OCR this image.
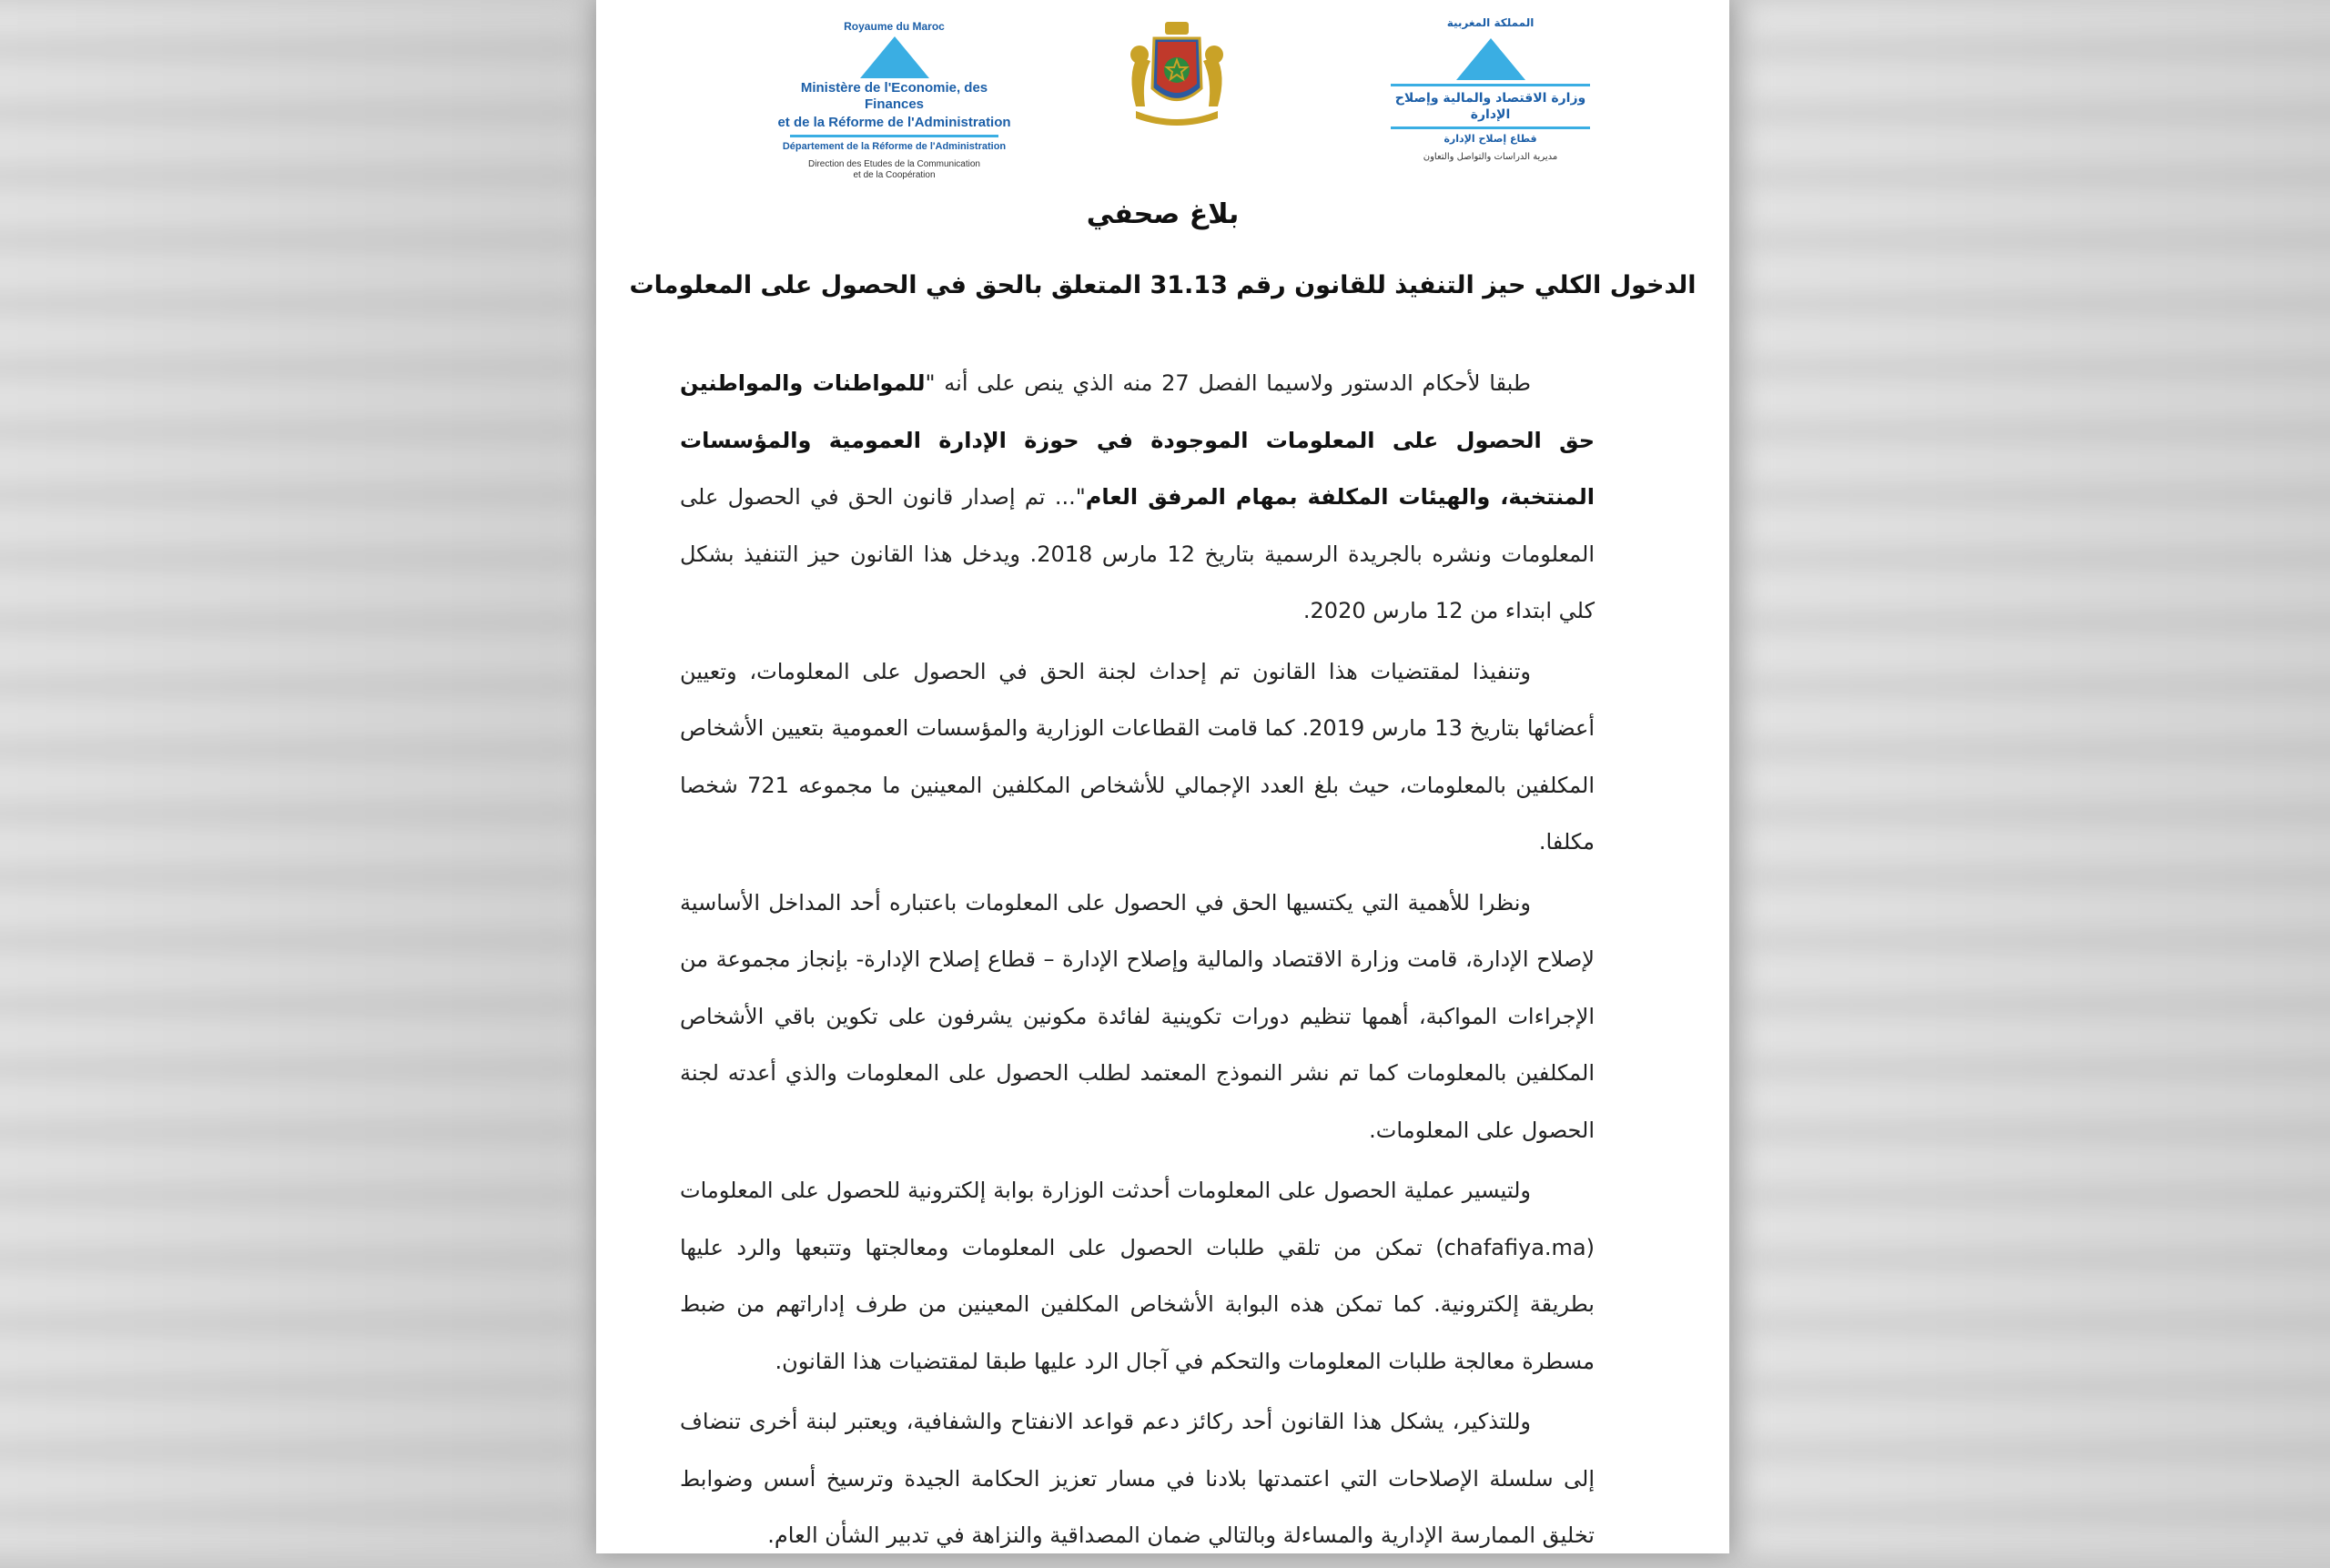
Royaume du Maroc
Ministère de l'Economie, des Finances
et de la Réforme de l'Administration
Département de la Réforme de l'Administration
Direction des Etudes de la Communication
et de la Coopération
المملكة المغربية
وزارة الاقتصاد والمالية وإصلاح الإدارة
قطاع إصلاح الإدارة
مديرية الدراسات والتواصل والتعاون
بلاغ صحفي
الدخول الكلي حيز التنفيذ للقانون رقم 31.13 المتعلق بالحق في الحصول على المعلومات

طبقا لأحكام الدستور ولاسيما الفصل 27 منه الذي ينص على أنه "للمواطنات والمواطنين حق الحصول على المعلومات الموجودة في حوزة الإدارة العمومية والمؤسسات المنتخبة، والهيئات المكلفة بمهام المرفق العام"... تم إصدار قانون الحق في الحصول على المعلومات ونشره بالجريدة الرسمية بتاريخ 12 مارس 2018. ويدخل هذا القانون حيز التنفيذ بشكل كلي ابتداء من 12 مارس 2020.

وتنفيذا لمقتضيات هذا القانون تم إحداث لجنة الحق في الحصول على المعلومات، وتعيين أعضائها بتاريخ 13 مارس 2019. كما قامت القطاعات الوزارية والمؤسسات العمومية بتعيين الأشخاص المكلفين بالمعلومات، حيث بلغ العدد الإجمالي للأشخاص المكلفين المعينين ما مجموعه 721 شخصا مكلفا.

ونظرا للأهمية التي يكتسيها الحق في الحصول على المعلومات باعتباره أحد المداخل الأساسية لإصلاح الإدارة، قامت وزارة الاقتصاد والمالية وإصلاح الإدارة – قطاع إصلاح الإدارة- بإنجاز مجموعة من الإجراءات المواكبة، أهمها تنظيم دورات تكوينية لفائدة مكونين يشرفون على تكوين باقي الأشخاص المكلفين بالمعلومات كما تم نشر النموذج المعتمد لطلب الحصول على المعلومات والذي أعدته لجنة الحصول على المعلومات.

ولتيسير عملية الحصول على المعلومات أحدثت الوزارة بوابة إلكترونية للحصول على المعلومات (chafafiya.ma) تمكن من تلقي طلبات الحصول على المعلومات ومعالجتها وتتبعها والرد عليها بطريقة إلكترونية. كما تمكن هذه البوابة الأشخاص المكلفين المعينين من طرف إداراتهم من ضبط مسطرة معالجة طلبات المعلومات والتحكم في آجال الرد عليها طبقا لمقتضيات هذا القانون.

وللتذكير، يشكل هذا القانون أحد ركائز دعم قواعد الانفتاح والشفافية، ويعتبر لبنة أخرى تنضاف إلى سلسلة الإصلاحات التي اعتمدتها بلادنا في مسار تعزيز الحكامة الجيدة وترسيخ أسس وضوابط تخليق الممارسة الإدارية والمساءلة وبالتالي ضمان المصداقية والنزاهة في تدبير الشأن العام.
